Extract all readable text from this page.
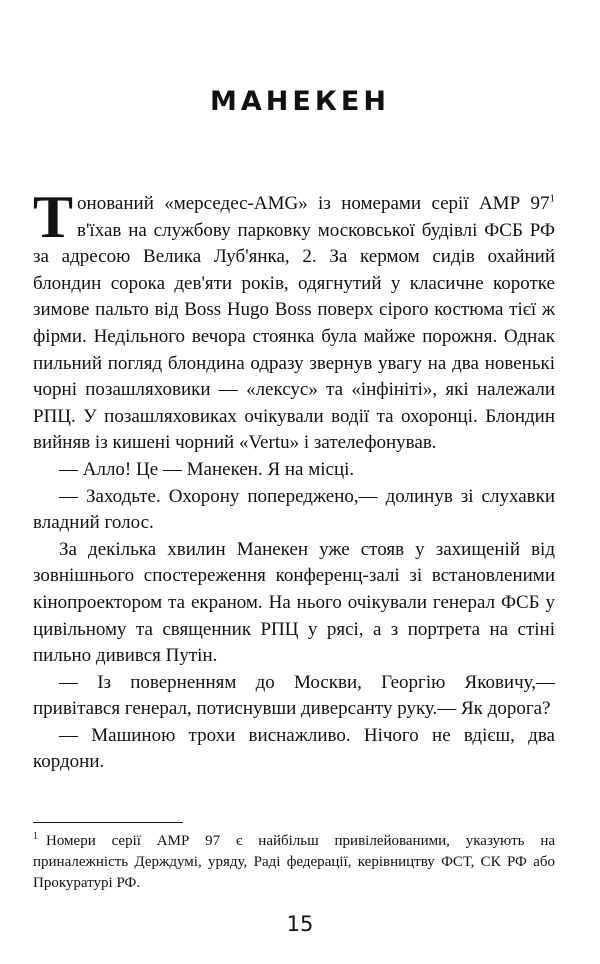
МАНЕКЕН

Тонований «мерседес-AMG» із номерами серії АМР 97$^1$ в'їхав на службову парковку московської будівлі ФСБ РФ за адресою Велика Луб'янка, 2. За кермом сидів охайний блондин сорока дев'яти років, одягнутий у класичне коротке зимове пальто від Boss Hugo Boss поверх сірого костюма тієї ж фірми. Недільного вечора стоянка була майже порожня. Однак пильний погляд блондина одразу звернув увагу на два новенькі чорні позашляховики — «лексус» та «інфініті», які належали РПЦ. У позашляховиках очікували водії та охоронці. Блондин вийняв із кишені чорний «Vertu» і зателефонував.

— Алло! Це — Манекен. Я на місці.

— Заходьте. Охорону попереджено,— долинув зі слухавки владний голос.

За декілька хвилин Манекен уже стояв у захищеній від зовнішнього спостереження конференц-залі зі встановленими кінопроектором та екраном. На нього очікували генерал ФСБ у цивільному та священник РПЦ у рясі, а з портрета на стіні пильно дивився Путін.

— Із поверненням до Москви, Георгію Яковичу,— привітався генерал, потиснувши диверсанту руку.— Як дорога?

— Машиною трохи виснажливо. Нічого не вдієш, два кордони.

$^1$ Номери серії АМР 97 є найбільш привілейованими, указують на приналежність Держдумі, уряду, Раді федерації, керівництву ФСТ, СК РФ або Прокуратурі РФ.
15
